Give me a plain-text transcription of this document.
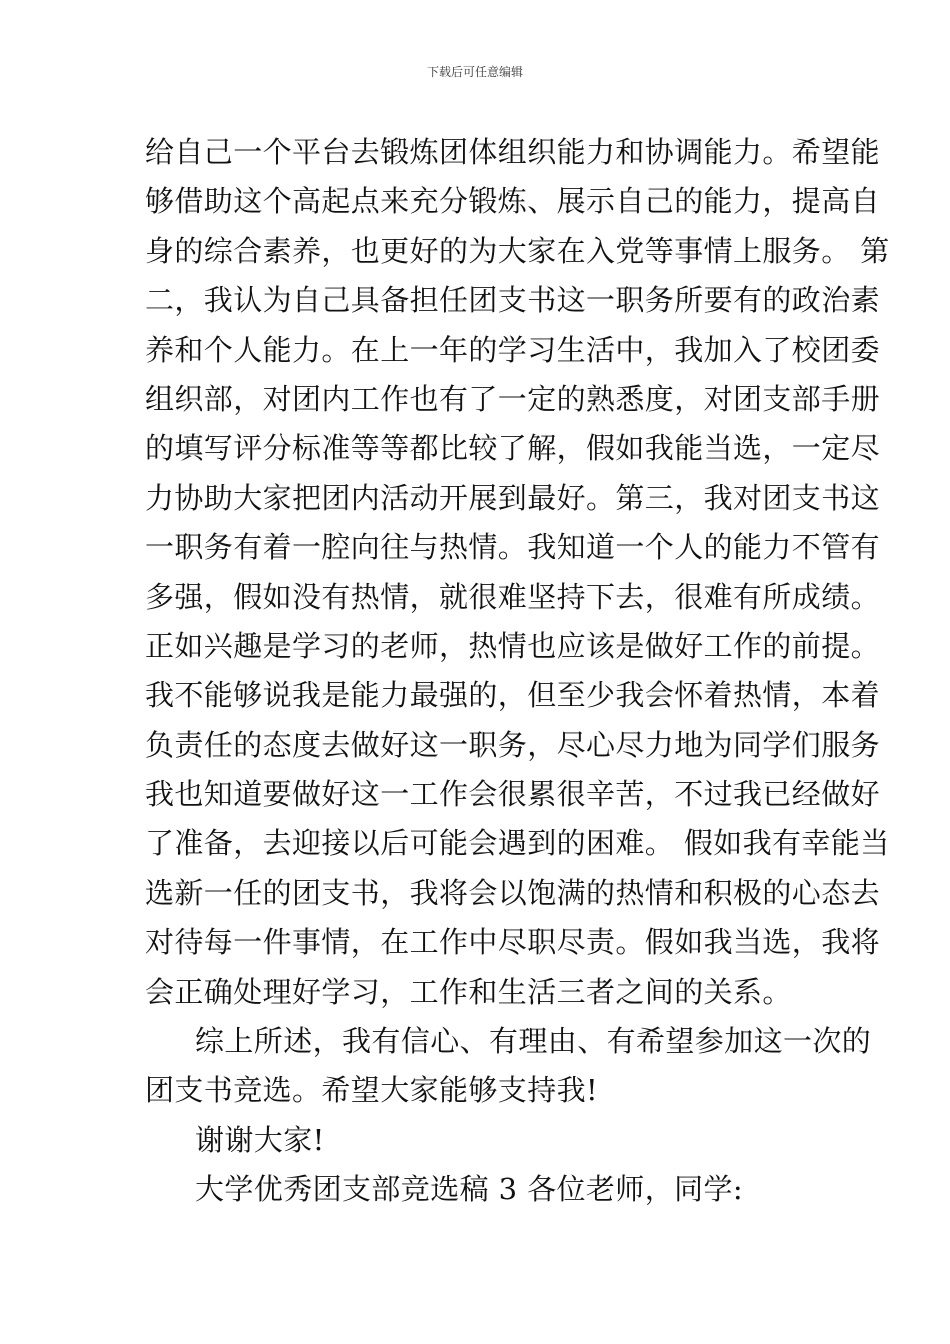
下载后可任意编辑
给自己一个平台去锻炼团体组织能力和协调能力。希望能
够借助这个高起点来充分锻炼、展示自己的能力，提高自
身的综合素养，也更好的为大家在入党等事情上服务。 第
二，我认为自己具备担任团支书这一职务所要有的政治素
养和个人能力。在上一年的学习生活中，我加入了校团委
组织部，对团内工作也有了一定的熟悉度，对团支部手册
的填写评分标准等等都比较了解，假如我能当选，一定尽
力协助大家把团内活动开展到最好。第三，我对团支书这
一职务有着一腔向往与热情。我知道一个人的能力不管有
多强，假如没有热情，就很难坚持下去，很难有所成绩。
正如兴趣是学习的老师，热情也应该是做好工作的前提。
我不能够说我是能力最强的，但至少我会怀着热情，本着
负责任的态度去做好这一职务，尽心尽力地为同学们服务
我也知道要做好这一工作会很累很辛苦，不过我已经做好
了准备，去迎接以后可能会遇到的困难。 假如我有幸能当
选新一任的团支书，我将会以饱满的热情和积极的心态去
对待每一件事情，在工作中尽职尽责。假如我当选，我将
会正确处理好学习，工作和生活三者之间的关系。
综上所述，我有信心、有理由、有希望参加这一次的
团支书竞选。希望大家能够支持我!
谢谢大家!
大学优秀团支部竞选稿 3 各位老师，同学:
